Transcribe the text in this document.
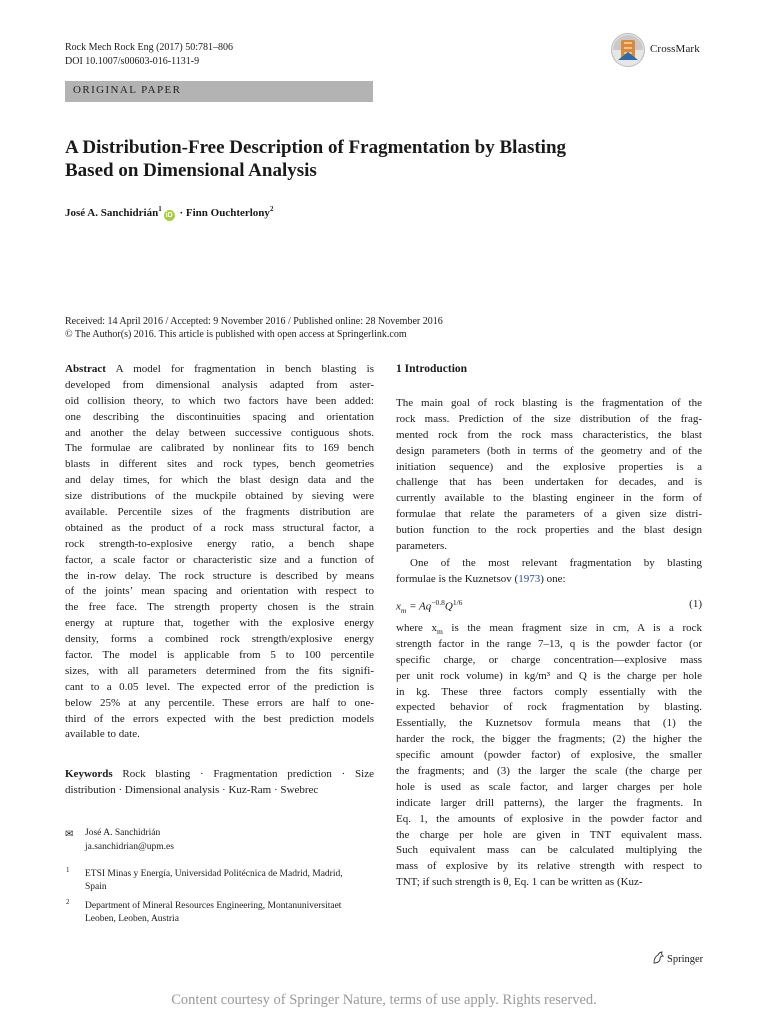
Rock Mech Rock Eng (2017) 50:781–806
DOI 10.1007/s00603-016-1131-9
CrossMark
ORIGINAL PAPER
A Distribution-Free Description of Fragmentation by Blasting
Based on Dimensional Analysis
José A. Sanchidrián$^1$iD · Finn Ouchterlony$^2$
Received: 14 April 2016 / Accepted: 9 November 2016 / Published online: 28 November 2016
© The Author(s) 2016. This article is published with open access at Springerlink.com
Abstract A model for fragmentation in bench blasting is
developed from dimensional analysis adapted from aster-
oid collision theory, to which two factors have been added:
one describing the discontinuities spacing and orientation
and another the delay between successive contiguous shots.
The formulae are calibrated by nonlinear fits to 169 bench
blasts in different sites and rock types, bench geometries
and delay times, for which the blast design data and the
size distributions of the muckpile obtained by sieving were
available. Percentile sizes of the fragments distribution are
obtained as the product of a rock mass structural factor, a
rock strength-to-explosive energy ratio, a bench shape
factor, a scale factor or characteristic size and a function of
the in-row delay. The rock structure is described by means
of the joints’ mean spacing and orientation with respect to
the free face. The strength property chosen is the strain
energy at rupture that, together with the explosive energy
density, forms a combined rock strength/explosive energy
factor. The model is applicable from 5 to 100 percentile
sizes, with all parameters determined from the fits signifi-
cant to a 0.05 level. The expected error of the prediction is
below 25% at any percentile. These errors are half to one-
third of the errors expected with the best prediction models
available to date.
Keywords Rock blasting · Fragmentation prediction · Size
distribution · Dimensional analysis · Kuz-Ram · Swebrec
✉ José A. Sanchidrián
ja.sanchidrian@upm.es
1 ETSI Minas y Energía, Universidad Politécnica de Madrid, Madrid, Spain
2 Department of Mineral Resources Engineering, Montanuniversitaet Leoben, Leoben, Austria
1 Introduction
The main goal of rock blasting is the fragmentation of the
rock mass. Prediction of the size distribution of the frag-
mented rock from the rock mass characteristics, the blast
design parameters (both in terms of the geometry and of the
initiation sequence) and the explosive properties is a
challenge that has been undertaken for decades, and is
currently available to the blasting engineer in the form of
formulae that relate the parameters of a given size distri-
bution function to the rock properties and the blast design
parameters.
One of the most relevant fragmentation by blasting
formulae is the Kuznetsov (1973) one:
$x_m = Aq^{-0.8}Q^{1/6}$	(1)
where $x_m$ is the mean fragment size in cm, A is a rock
strength factor in the range 7–13, q is the powder factor (or
specific charge, or charge concentration—explosive mass
per unit rock volume) in kg/m³ and Q is the charge per hole
in kg. These three factors comply essentially with the
expected behavior of rock fragmentation by blasting.
Essentially, the Kuznetsov formula means that (1) the
harder the rock, the bigger the fragments; (2) the higher the
specific amount (powder factor) of explosive, the smaller
the fragments; and (3) the larger the scale (the charge per
hole is used as scale factor, and larger charges per hole
indicate larger drill patterns), the larger the fragments. In
Eq. 1, the amounts of explosive in the powder factor and
the charge per hole are given in TNT equivalent mass.
Such equivalent mass can be calculated multiplying the
mass of explosive by its relative strength with respect to
TNT; if such strength is θ, Eq. 1 can be written as (Kuz-
Springer
Content courtesy of Springer Nature, terms of use apply. Rights reserved.
